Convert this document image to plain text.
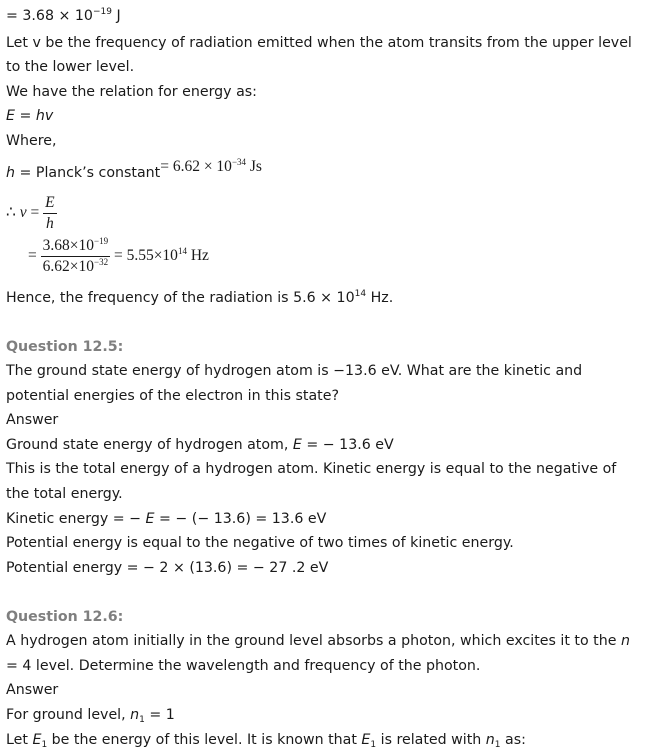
= $3.68 \times 10^{-19}$ J
Let v be the frequency of radiation emitted when the atom transits from the upper level
to the lower level.
We have the relation for energy as:
E = hv
Where,
h = Planck’s constant= $6.62 \times 10^{-34}$ Js
∴ $v = \frac{E}{h}$
= $\frac{3.68\times 10^{-19}}{6.62\times 10^{-32}} = 5.55\times 10^{14}$ Hz
Hence, the frequency of the radiation is $5.6 \times 10^{14}$ Hz.
Question 12.5:
The ground state energy of hydrogen atom is −13.6 eV. What are the kinetic and
potential energies of the electron in this state?
Answer
Ground state energy of hydrogen atom, E = − 13.6 eV
This is the total energy of a hydrogen atom. Kinetic energy is equal to the negative of
the total energy.
Kinetic energy = − E = − (− 13.6) = 13.6 eV
Potential energy is equal to the negative of two times of kinetic energy.
Potential energy = − 2 × (13.6) = − 27 .2 eV
Question 12.6:
A hydrogen atom initially in the ground level absorbs a photon, which excites it to the n
= 4 level. Determine the wavelength and frequency of the photon.
Answer
For ground level, $n_1 = 1$
Let $E_1$ be the energy of this level. It is known that $E_1$ is related with $n_1$ as:
